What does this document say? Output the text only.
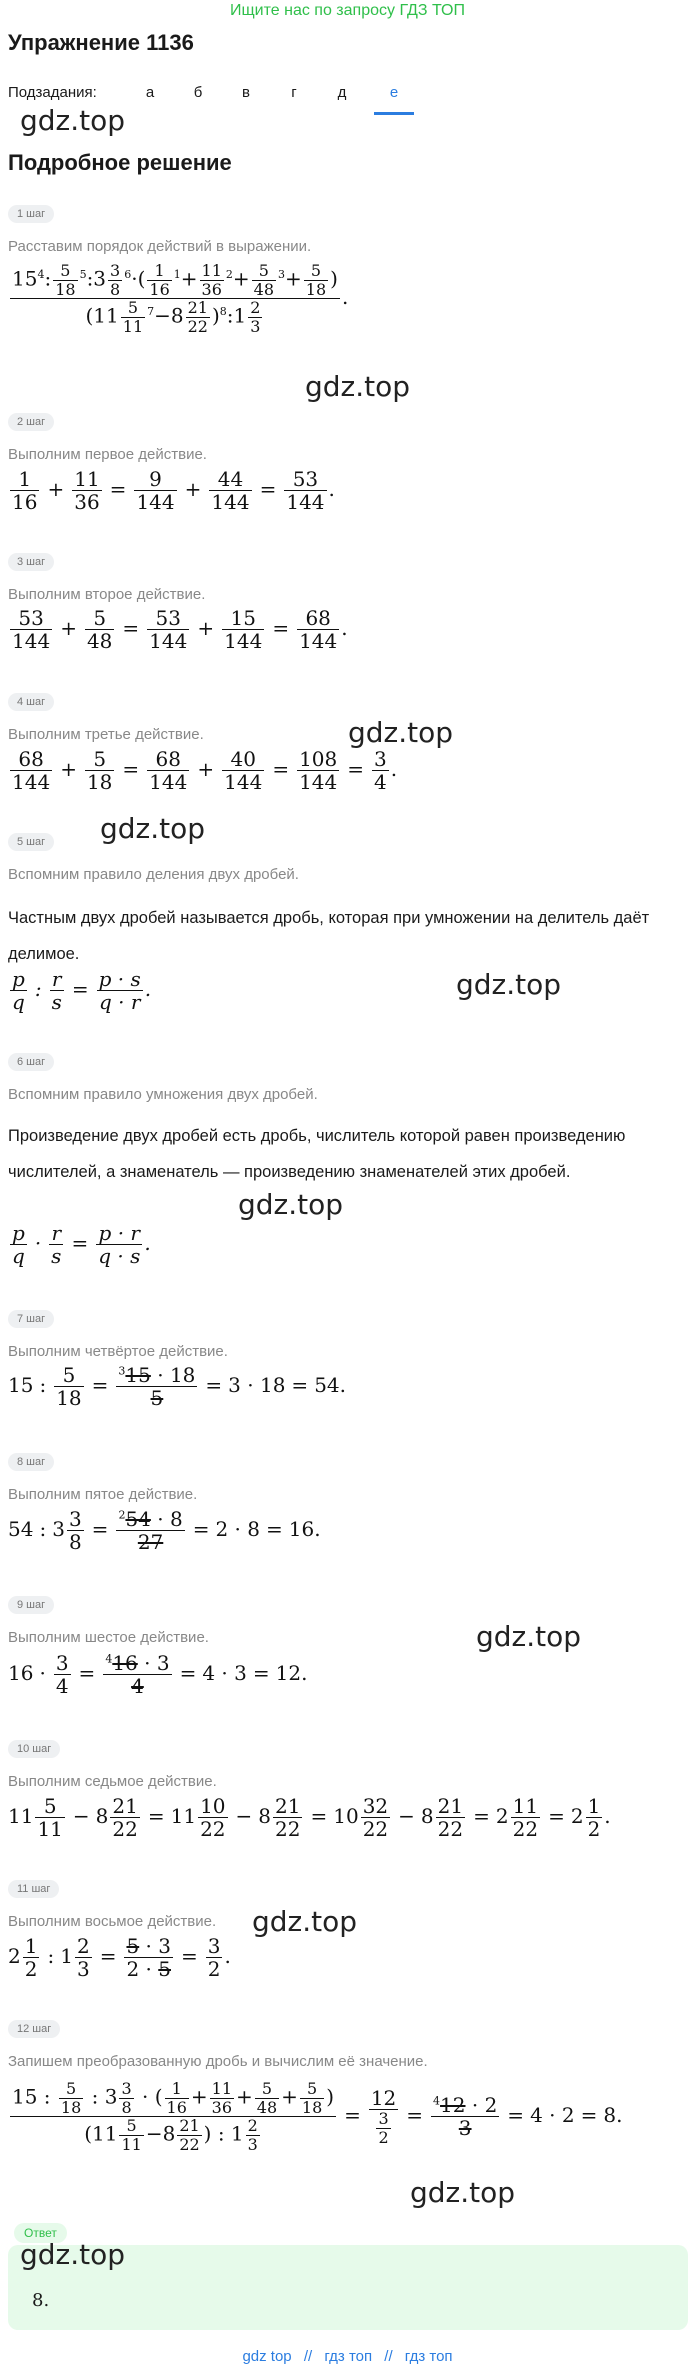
Ищите нас по запросу ГДЗ ТОП
Упражнение 1136
Подзадания:	а	б	в	г	д	е
gdz.top
Подробное решение
1 шаг
Расставим порядок действий в выражении.
$\frac{15^4: \frac{5}{18} ^5:3 \frac{3}{8} ^6\cdot( \frac{1}{16} ^1+ \frac{11}{36} ^2+ \frac{5}{48} ^3+ \frac{5}{18} )}{(11 \frac{5}{11} ^7-8 \frac{21}{22} )^8:1 \frac{2}{3}}$ .
gdz.top
2 шаг
Выполним первое действие.
$\frac{1}{16} + \frac{11}{36} = \frac{9}{144} + \frac{44}{144} = \frac{53}{144}$ .
3 шаг
Выполним второе действие.
$\frac{53}{144} + \frac{5}{48} = \frac{53}{144} + \frac{15}{144} = \frac{68}{144}$ .
4 шаг
gdz.top
Выполним третье действие.
$\frac{68}{144} + \frac{5}{18} = \frac{68}{144} + \frac{40}{144} = \frac{108}{144} = \frac{3}{4}$ .
5 шаг	gdz.top
Вспомним правило деления двух дробей.
Частным двух дробей называется дробь, которая при умножении на делитель даёт делимое.
gdz.top
$\frac{p}{q}$ : $\frac{r}{s} = \frac{p \cdot s}{q \cdot r}$ .
6 шаг
Вспомним правило умножения двух дробей.
Произведение двух дробей есть дробь, числитель которой равен произведению числителей, а знаменатель — произведению знаменателей этих дробей.
gdz.top
$\frac{p}{q} \cdot \frac{r}{s} = \frac{p \cdot r}{q \cdot s}$ .
7 шаг
Выполним четвёртое действие.
15 : $\frac{5}{18} = \frac{^315 \cdot 18}{5} = 3 \cdot 18 = 54$.
8 шаг
Выполним пятое действие.
54 : $3 \frac{3}{8} = \frac{^254 \cdot 8}{27} = 2 \cdot 8 = 16$.
9 шаг
gdz.top
Выполним шестое действие.
$16 \cdot \frac{3}{4} = \frac{^416 \cdot 3}{4} = 4 \cdot 3 = 12$.
10 шаг
Выполним седьмое действие.
$11 \frac{5}{11} - 8 \frac{21}{22} = 11 \frac{10}{22} - 8 \frac{21}{22} = 10 \frac{32}{22} - 8 \frac{21}{22} = 2 \frac{11}{22} = 2 \frac{1}{2}$ .
11 шаг
gdz.top
Выполним восьмое действие.
$2 \frac{1}{2}$ : $1 \frac{2}{3} = \frac{5 \cdot 3}{2 \cdot 5} = \frac{3}{2}$ .
12 шаг
Запишем преобразованную дробь и вычислим её значение.
$\frac{15 : \frac{5}{18} : 3 \frac{3}{8} \cdot ( \frac{1}{16} + \frac{11}{36} + \frac{5}{48} + \frac{5}{18} )}{(11 \frac{5}{11} -8 \frac{21}{22} ) : 1 \frac{2}{3}} = \frac{12}{\frac{3}{2}} = \frac{^412 \cdot 2}{3} = 4 \cdot 2 = 8$.
gdz.top
Ответ
gdz.top
8.
gdz top // гдз топ // гдз топ
